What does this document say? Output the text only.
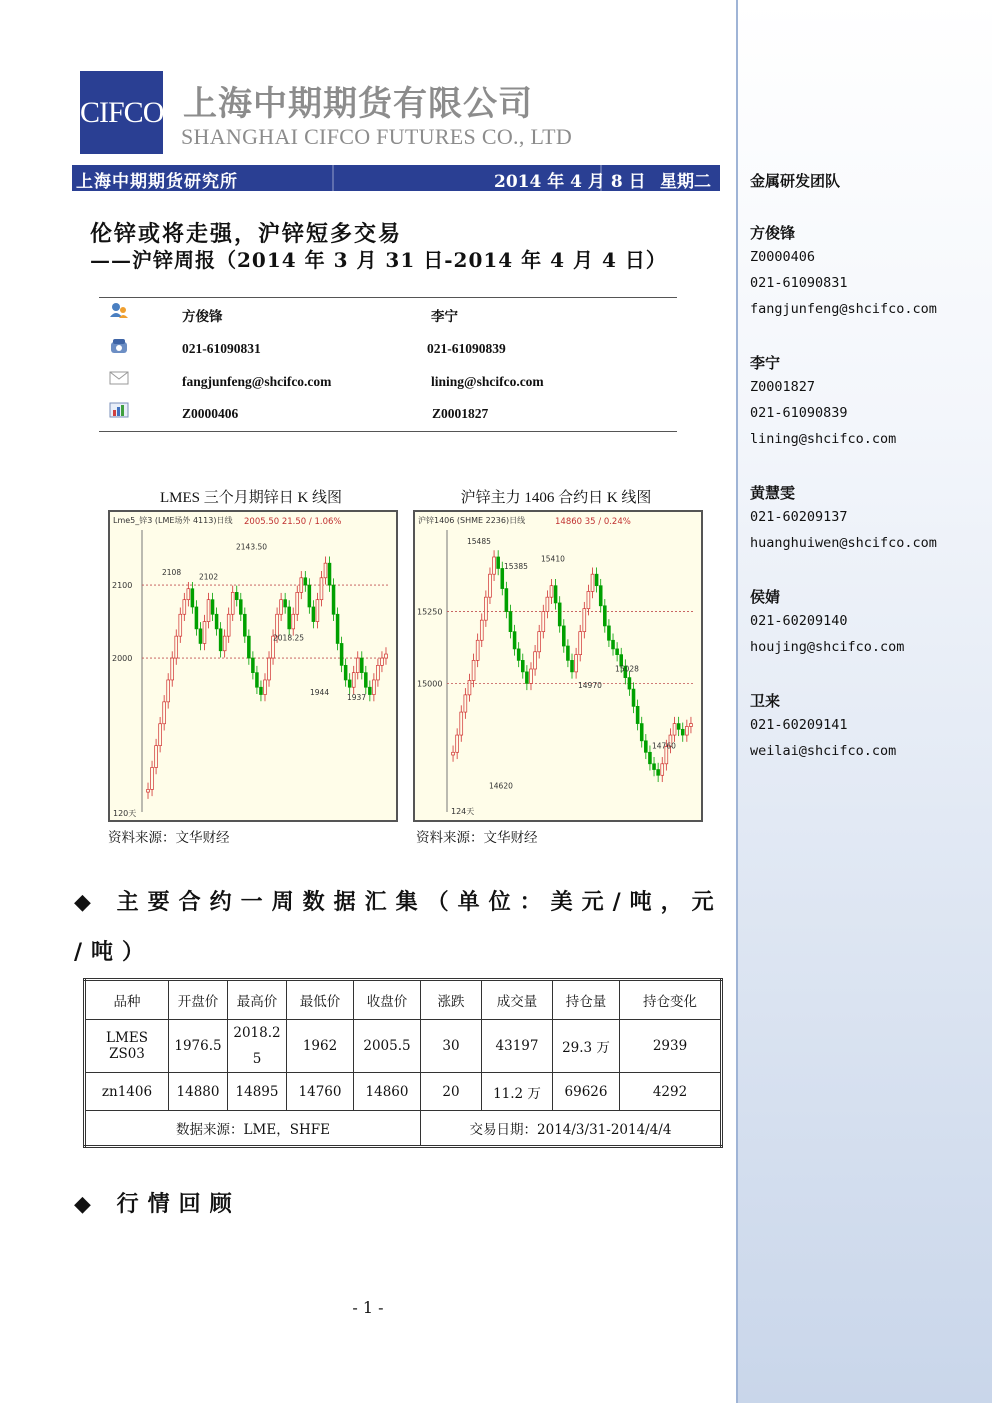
金属研发团队
方俊锋
Z0000406
021-61090831
fangjunfeng@shcifco.com
李宁
Z0001827
021-61090839
lining@shcifco.com
黄慧雯
021-60209137
huanghuiwen@shcifco.com
侯婧
021-60209140
houjing@shcifco.com
卫来
021-60209141
weilai@shcifco.com
CIFCO 上海中期期货有限公司
SHANGHAI CIFCO FUTURES CO., LTD
上海中期期货研究所	2014 年 4 月 8 日 星期二
伦锌或将走强，沪锌短多交易
——沪锌周报（2014 年 3 月 31 日-2014 年 4 月 4 日）
方俊锋	李宁
021-61090831	021-61090839
fangjunfeng@shcifco.com	lining@shcifco.com
Z0000406	Z0001827
LMES 三个月期锌日 K 线图	沪锌主力 1406 合约日 K 线图
Lme5_锌3 (LME场外 4113)日线 2005.50 21.50 / 1.06%
2000
2100
2108 2102
2143.50
2018.25
1944
1937
120天
沪锌1406 (SHME 2236)日线	14860 35 / 0.24%
15000
15250
15485
15385
15410
14970
15028
14760
14620
124天
资料来源：文华财经	资料来源：文华财经
◆ 主要合约一周数据汇集（单位：美元/吨，元
/吨）
品种	开盘价	最高价	最低价	收盘价	涨跌	成交量	持仓量	持仓变化
LMES ZS03	1976.5	2018.25	1962	2005.5	30	43197	29.3 万	2939
zn1406	14880	14895	14760	14860	20	11.2 万	69626	4292
数据来源：LME，SHFE					交易日期：2014/3/31-2014/4/4			
◆ 行情回顾
- 1 -
